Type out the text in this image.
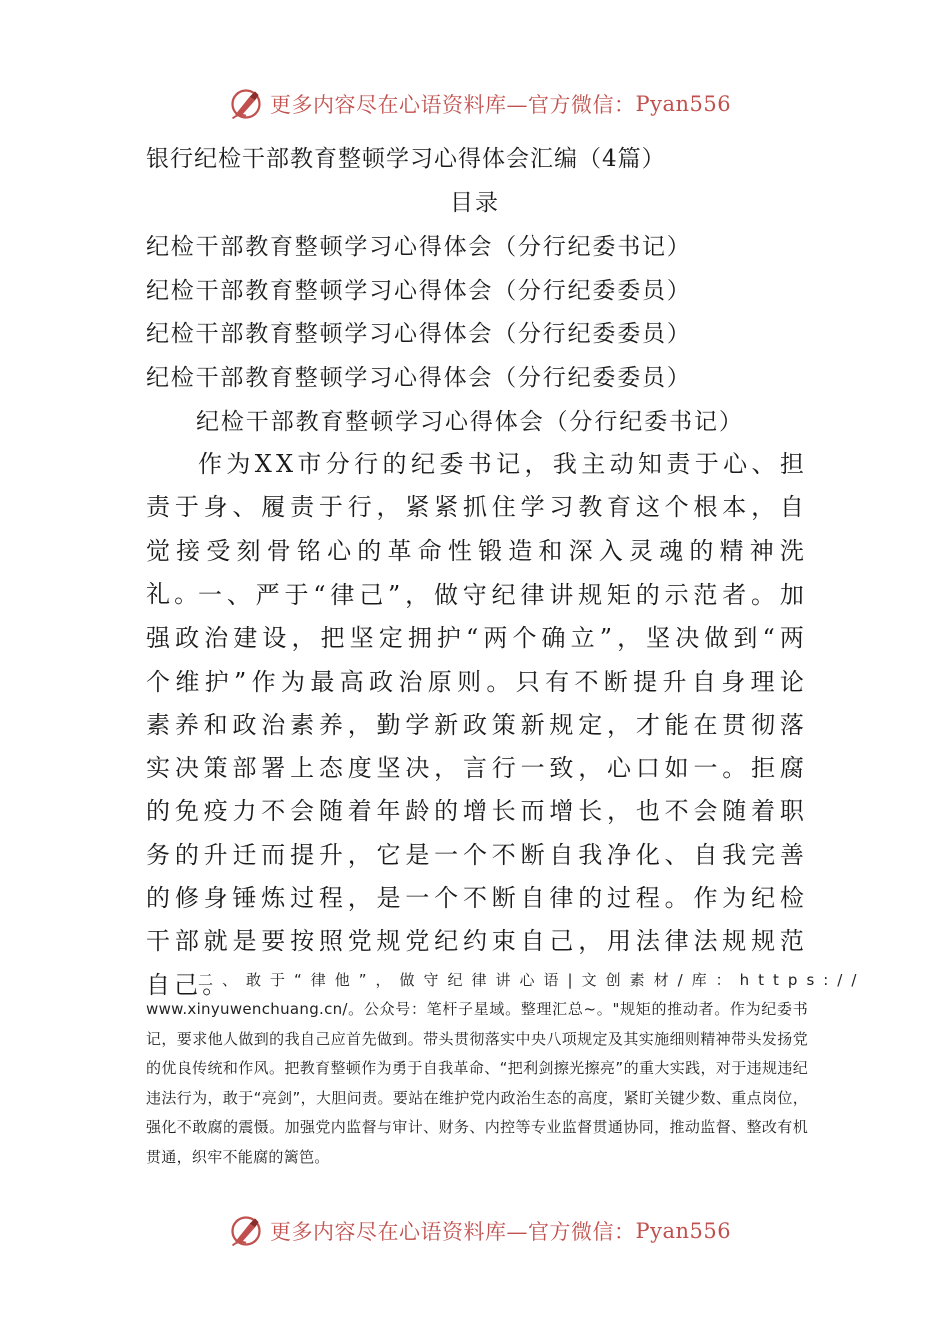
更多内容尽在心语资料库—官方微信： Pyan556
银行纪检干部教育整顿学习心得体会汇编（4篇）
目录
纪检干部教育整顿学习心得体会（分行纪委书记）
纪检干部教育整顿学习心得体会（分行纪委委员）
纪检干部教育整顿学习心得体会（分行纪委委员）
纪检干部教育整顿学习心得体会（分行纪委委员）
纪检干部教育整顿学习心得体会（分行纪委书记）
作为XX市分行的纪委书记，我主动知责于心、担责于身、履责于行，紧紧抓住学习教育这个根本，自觉接受刻骨铭心的革命性锻造和深入灵魂的精神洗礼。
一、严于“律己”，做守纪律讲规矩的示范者。加强政治建设，把坚定拥护“两个确立”，坚决做到“两个维护”作为最高政治原则。只有不断提升自身理论素养和政治素养，勤学新政策新规定，才能在贯彻落实决策部署上态度坚决，言行一致，心口如一。拒腐的免疫力不会随着年龄的增长而增长，也不会随着职务的升迁而提升，它是一个不断自我净化、自我完善的修身锤炼过程，是一个不断自律的过程。作为纪检干部就是要按照党规党纪约束自己，用法律法规规范自己。
二、敢于“律他”，做守纪律讲心语|文创素材/库：https://
www.xinyuwenchuang.cn/。公众号：笔杆子星域。整理汇总~。"规矩的推动者。作为纪委书记，要求他人做到的我自己应首先做到。带头贯彻落实中央八项规定及其实施细则精神带头发扬党的优良传统和作风。把教育整顿作为勇于自我革命、“把利剑擦光擦亮”的重大实践，对于违规违纪违法行为，敢于“亮剑”，大胆问责。要站在维护党内政治生态的高度，紧盯关键少数、重点岗位，强化不敢腐的震慑。加强党内监督与审计、财务、内控等专业监督贯通协同，推动监督、整改有机贯通，织牢不能腐的篱笆。
更多内容尽在心语资料库—官方微信： Pyan556
